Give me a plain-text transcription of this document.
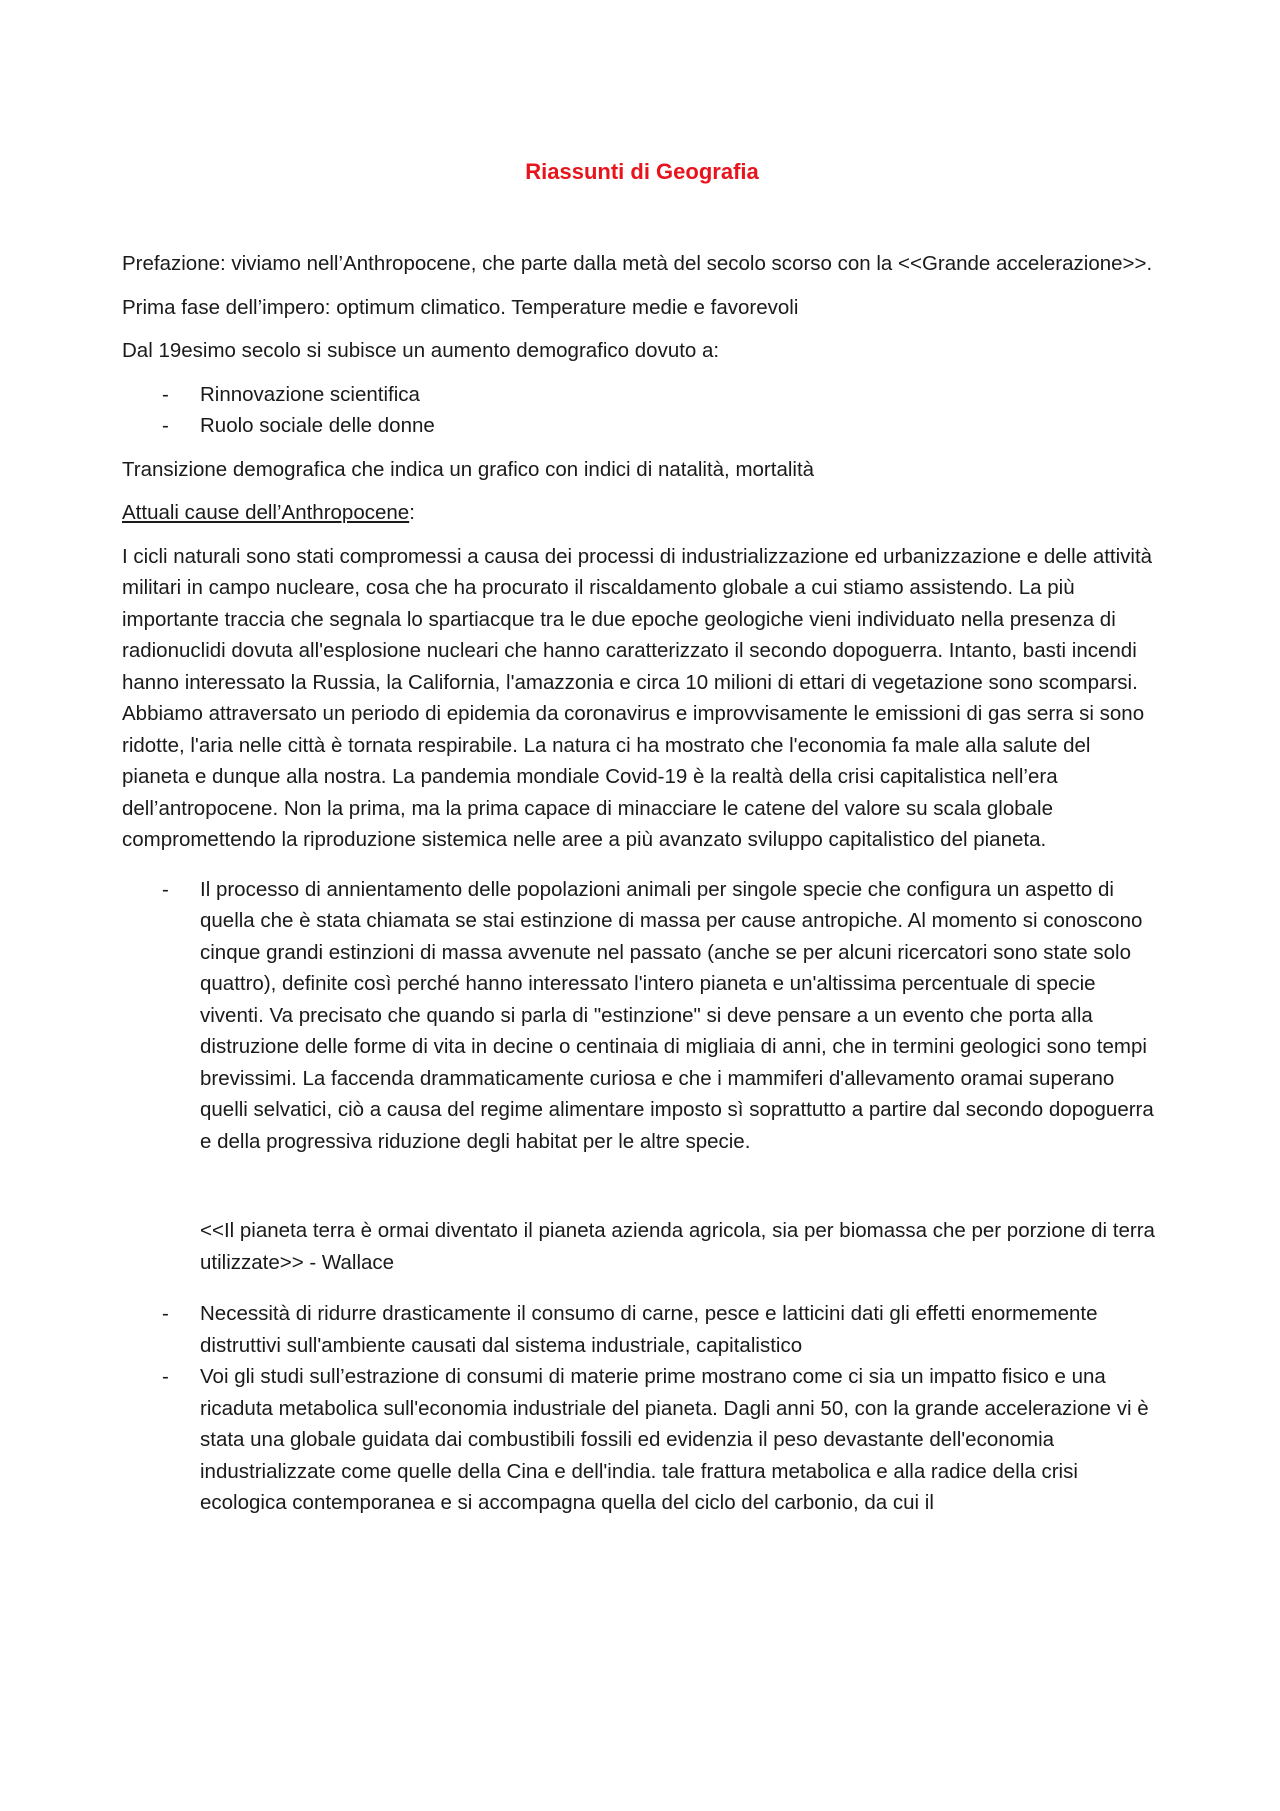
Riassunti di Geografia

Prefazione: viviamo nell’Anthropocene, che parte dalla metà del secolo scorso con la <<Grande accelerazione>>.

Prima fase dell’impero: optimum climatico. Temperature medie e favorevoli

Dal 19esimo secolo si subisce un aumento demografico dovuto a:

- Rinnovazione scientifica
- Ruolo sociale delle donne

Transizione demografica che indica un grafico con indici di natalità, mortalità

Attuali cause dell’Anthropocene:

I cicli naturali sono stati compromessi a causa dei processi di industrializzazione ed urbanizzazione e delle attività militari in campo nucleare, cosa che ha procurato il riscaldamento globale a cui stiamo assistendo. La più importante traccia che segnala lo spartiacque tra le due epoche geologiche vieni individuato nella presenza di radionuclidi dovuta all'esplosione nucleari che hanno caratterizzato il secondo dopoguerra. Intanto, basti incendi hanno interessato la Russia, la California, l'amazzonia e circa 10 milioni di ettari di vegetazione sono scomparsi. Abbiamo attraversato un periodo di epidemia da coronavirus e improvvisamente le emissioni di gas serra si sono ridotte, l'aria nelle città è tornata respirabile. La natura ci ha mostrato che l'economia fa male alla salute del pianeta e dunque alla nostra. La pandemia mondiale Covid-19 è la realtà della crisi capitalistica nell’era dell’antropocene. Non la prima, ma la prima capace di minacciare le catene del valore su scala globale compromettendo la riproduzione sistemica nelle aree a più avanzato sviluppo capitalistico del pianeta.

- Il processo di annientamento delle popolazioni animali per singole specie che configura un aspetto di quella che è stata chiamata se stai estinzione di massa per cause antropiche. Al momento si conoscono cinque grandi estinzioni di massa avvenute nel passato (anche se per alcuni ricercatori sono state solo quattro), definite così perché hanno interessato l'intero pianeta e un'altissima percentuale di specie viventi. Va precisato che quando si parla di "estinzione" si deve pensare a un evento che porta alla distruzione delle forme di vita in decine o centinaia di migliaia di anni, che in termini geologici sono tempi brevissimi. La faccenda drammaticamente curiosa e che i mammiferi d'allevamento oramai superano quelli selvatici, ciò a causa del regime alimentare imposto sì soprattutto a partire dal secondo dopoguerra e della progressiva riduzione degli habitat per le altre specie.

<<Il pianeta terra è ormai diventato il pianeta azienda agricola, sia per biomassa che per porzione di terra utilizzate>> - Wallace

- Necessità di ridurre drasticamente il consumo di carne, pesce e latticini dati gli effetti enormemente distruttivi sull'ambiente causati dal sistema industriale, capitalistico
- Voi gli studi sull’estrazione di consumi di materie prime mostrano come ci sia un impatto fisico e una ricaduta metabolica sull'economia industriale del pianeta. Dagli anni 50, con la grande accelerazione vi è stata una globale guidata dai combustibili fossili ed evidenzia il peso devastante dell'economia industrializzate come quelle della Cina e dell'india. tale frattura metabolica e alla radice della crisi ecologica contemporanea e si accompagna quella del ciclo del carbonio, da cui il
